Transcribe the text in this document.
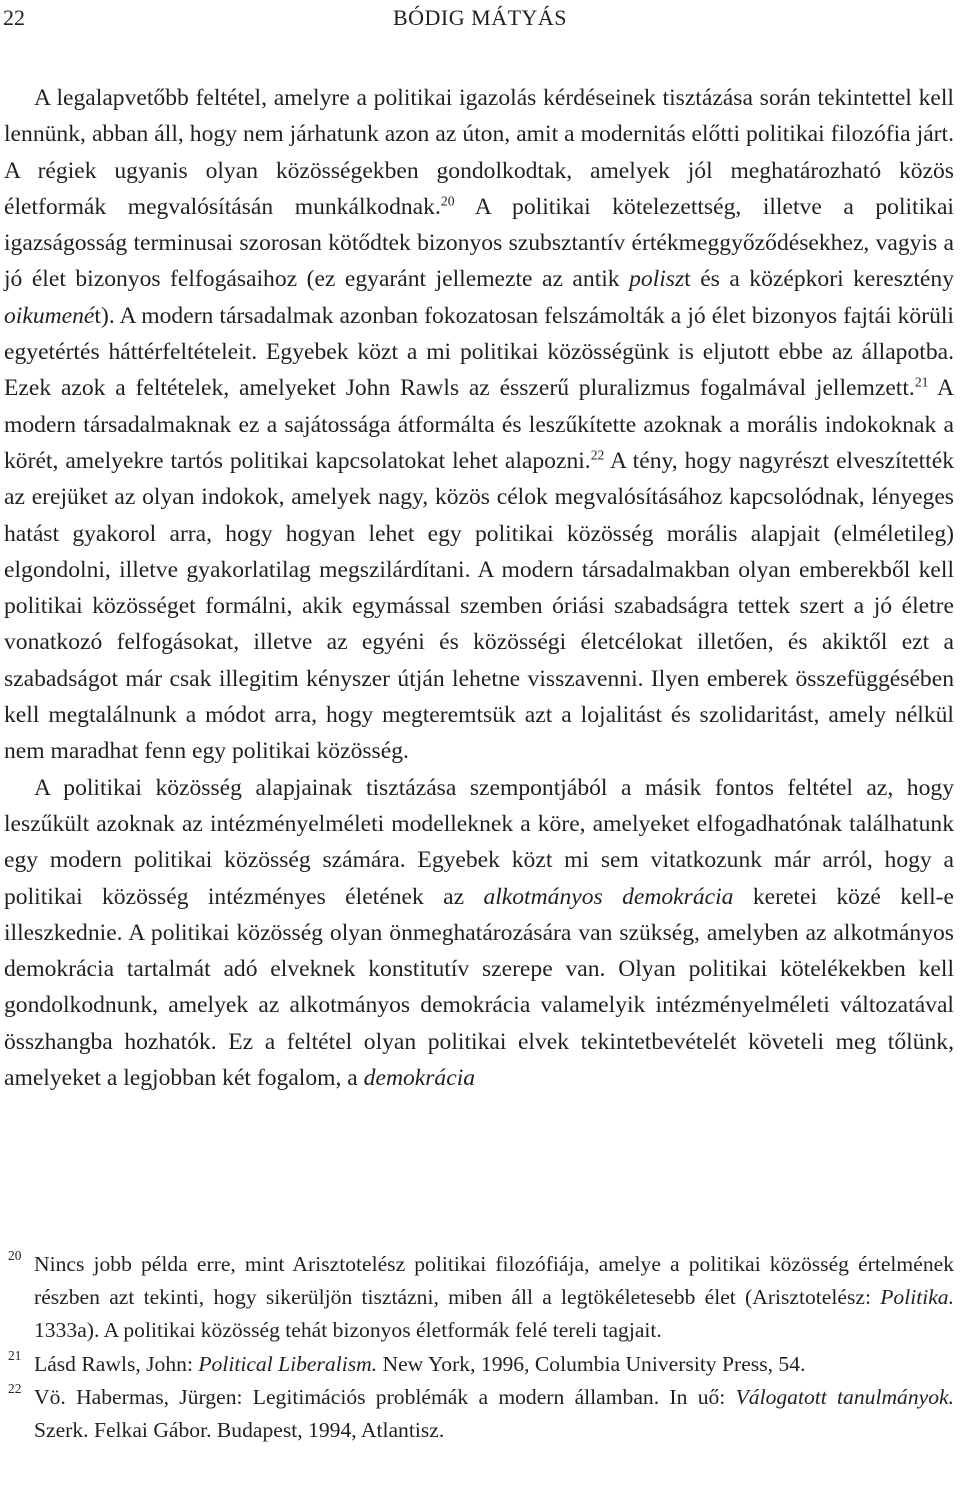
22	BÓDIG MÁTYÁS

A legalapvetőbb feltétel, amelyre a politikai igazolás kérdéseinek tisztázása során tekintettel kell lennünk, abban áll, hogy nem járhatunk azon az úton, amit a modernitás előtti politikai filozófia járt. A régiek ugyanis olyan közösségekben gondolkodtak, amelyek jól meghatározható közös életformák megvalósításán munkálkodnak.$^{20}$ A politikai kötelezettség, illetve a politikai igazságosság terminusai szorosan kötődtek bizonyos szubsztantív értékmeggyőződésekhez, vagyis a jó élet bizonyos felfogásaihoz (ez egyaránt jellemezte az antik poliszt és a középkori keresztény oikumenét). A modern társadalmak azonban fokozatosan felszámolták a jó élet bizonyos fajtái körüli egyetértés háttérfeltételeit. Egyebek közt a mi politikai közösségünk is eljutott ebbe az állapotba. Ezek azok a feltételek, amelyeket John Rawls az ésszerű pluralizmus fogalmával jellemzett.$^{21}$ A modern társadalmaknak ez a sajátossága átformálta és leszűkítette azoknak a morális indokoknak a körét, amelyekre tartós politikai kapcsolatokat lehet alapozni.$^{22}$ A tény, hogy nagyrészt elveszítették az erejüket az olyan indokok, amelyek nagy, közös célok megvalósításához kapcsolódnak, lényeges hatást gyakorol arra, hogy hogyan lehet egy politikai közösség morális alapjait (elméletileg) elgondolni, illetve gyakorlatilag megszilárdítani. A modern társadalmakban olyan emberekből kell politikai közösséget formálni, akik egymással szemben óriási szabadságra tettek szert a jó életre vonatkozó felfogásokat, illetve az egyéni és közösségi életcélokat illetően, és akiktől ezt a szabadságot már csak illegitim kényszer útján lehetne visszavenni. Ilyen emberek összefüggésében kell megtalálnunk a módot arra, hogy megteremtsük azt a lojalitást és szolidaritást, amely nélkül nem maradhat fenn egy politikai közösség.

A politikai közösség alapjainak tisztázása szempontjából a másik fontos feltétel az, hogy leszűkült azoknak az intézményelméleti modelleknek a köre, amelyeket elfogadhatónak találhatunk egy modern politikai közösség számára. Egyebek közt mi sem vitatkozunk már arról, hogy a politikai közösség intézményes életének az alkotmányos demokrácia keretei közé kell-e illeszkednie. A politikai közösség olyan önmeghatározására van szükség, amelyben az alkotmányos demokrácia tartalmát adó elveknek konstitutív szerepe van. Olyan politikai kötelékekben kell gondolkodnunk, amelyek az alkotmányos demokrácia valamelyik intézményelméleti változatával összhangba hozhatók. Ez a feltétel olyan politikai elvek tekintetbevételét követeli meg tőlünk, amelyeket a legjobban két fogalom, a demokrácia

20 Nincs jobb példa erre, mint Arisztotelész politikai filozófiája, amelye a politikai közösség értelmének részben azt tekinti, hogy sikerüljön tisztázni, miben áll a legtökéletesebb élet (Arisztotelész: Politika. 1333a). A politikai közösség tehát bizonyos életformák felé tereli tagjait.

21 Lásd Rawls, John: Political Liberalism. New York, 1996, Columbia University Press, 54.

22 Vö. Habermas, Jürgen: Legitimációs problémák a modern államban. In uő: Válogatott tanulmányok. Szerk. Felkai Gábor. Budapest, 1994, Atlantisz.
